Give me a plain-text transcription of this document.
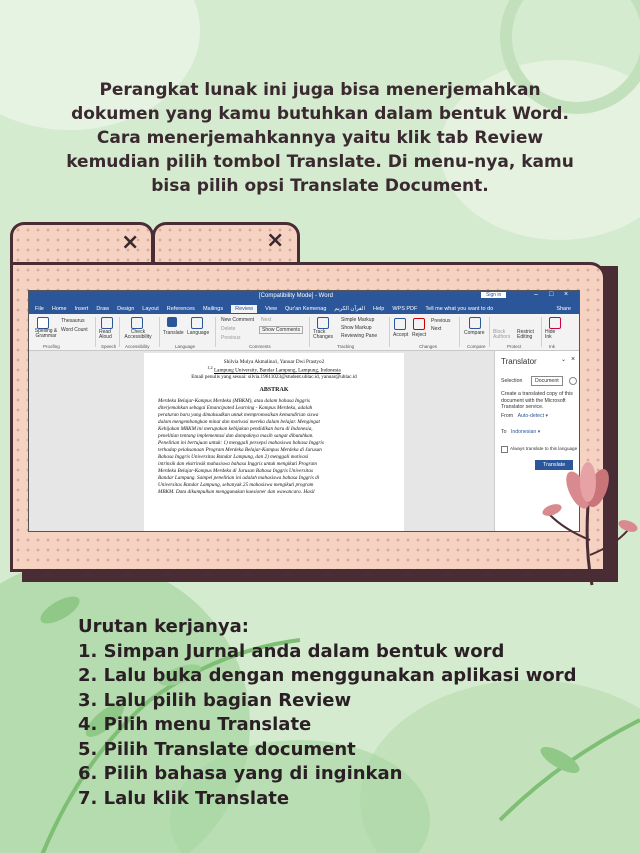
Perangkat lunak ini juga bisa menerjemahkan
dokumen yang kamu butuhkan dalam bentuk Word.
Cara menerjemahkannya yaitu klik tab Review
kemudian pilih tombol Translate. Di menu-nya, kamu
bisa pilih opsi Translate Document.
×	×
[Compatibility Mode] - Word	Sign in	– □ ×
File Home Insert Draw Design Layout References Mailings	Review	View Qur'an Kemenag القرآن الكريم Help WPS PDF Tell me what you want to do	Share
Spelling & Grammar
Thesaurus
Word Count Read Aloud
Check Accessibility
Translate Language
New Comment
Delete
Previous
Next
Show Comments	Track Changes
Simple Markup
Show Markup
Reviewing Pane	Accept Reject
Previous
Next
Compare Block Authors
Restrict Editing
Hide Ink
Proofing	Speech Accessibility	Language	Comments	Tracking	Changes	Compare	Protect	Ink
Shilvia Mulya Akmalina1, Yanuar Dwi Prastyo2
$^{1,2}$ Lampung University, Bandar Lampung, Lampung, Indonesia
Email penulis yang sesuai: silvia.19611023@student.ublac.id, yanuar@ublac.id
ABSTRAK
Merdeka Belajar-Kampus Merdeka (MBKM), atau dalam bahasa Inggris
diterjemahkan sebagai Emancipated Learning - Kampus Merdeka, adalah
peraturan baru yang dimaksudkan untuk mempromosikan kemandirian siswa
dalam mengembangkan minat dan motivasi mereka dalam belajar. Mengingat
Kebijakan MBKM ini merupakan kebijakan pendidikan baru di Indonesia,
penelitian tentang implementasi dan dampaknya masih sangat dibutuhkan.
Penelitian ini bertujuan untuk: 1) menggali persepsi mahasiswa bahasa Inggris
terhadap pelaksanaan Program Merdeka Belajar-Kampus Merdeka di Jurusan
Bahasa Inggris Universitas Bandar Lampung, dan 2) menggali motivasi
intrinsik dan ekstrinsik mahasiswa bahasa Inggris untuk mengikuti Program
Merdeka Belajar-Kampus Merdeka di Jurusan Bahasa Inggris Universitas
Bandar Lampung. Sampel penelitian ini adalah mahasiswa bahasa Inggris di
Universitas Bandar Lampung, sebanyak 25 mahasiswa mengikuti program
MBKM. Data dikumpulkan menggunakan kuesioner dan wawancara. Hasil
Translator	⌄ ×
Selection	Document
Create a translated copy of this document with the Microsoft Translator service.
From Auto-detect ▾
To Indonesian ▾
Always translate to this language
Translate
Urutan kerjanya:
1. Simpan Jurnal anda dalam bentuk word
2. Lalu buka dengan menggunakan aplikasi word
3. Lalu pilih bagian Review
4. Pilih menu Translate
5. Pilih Translate document
6. Pilih bahasa yang di inginkan
7. Lalu klik Translate
